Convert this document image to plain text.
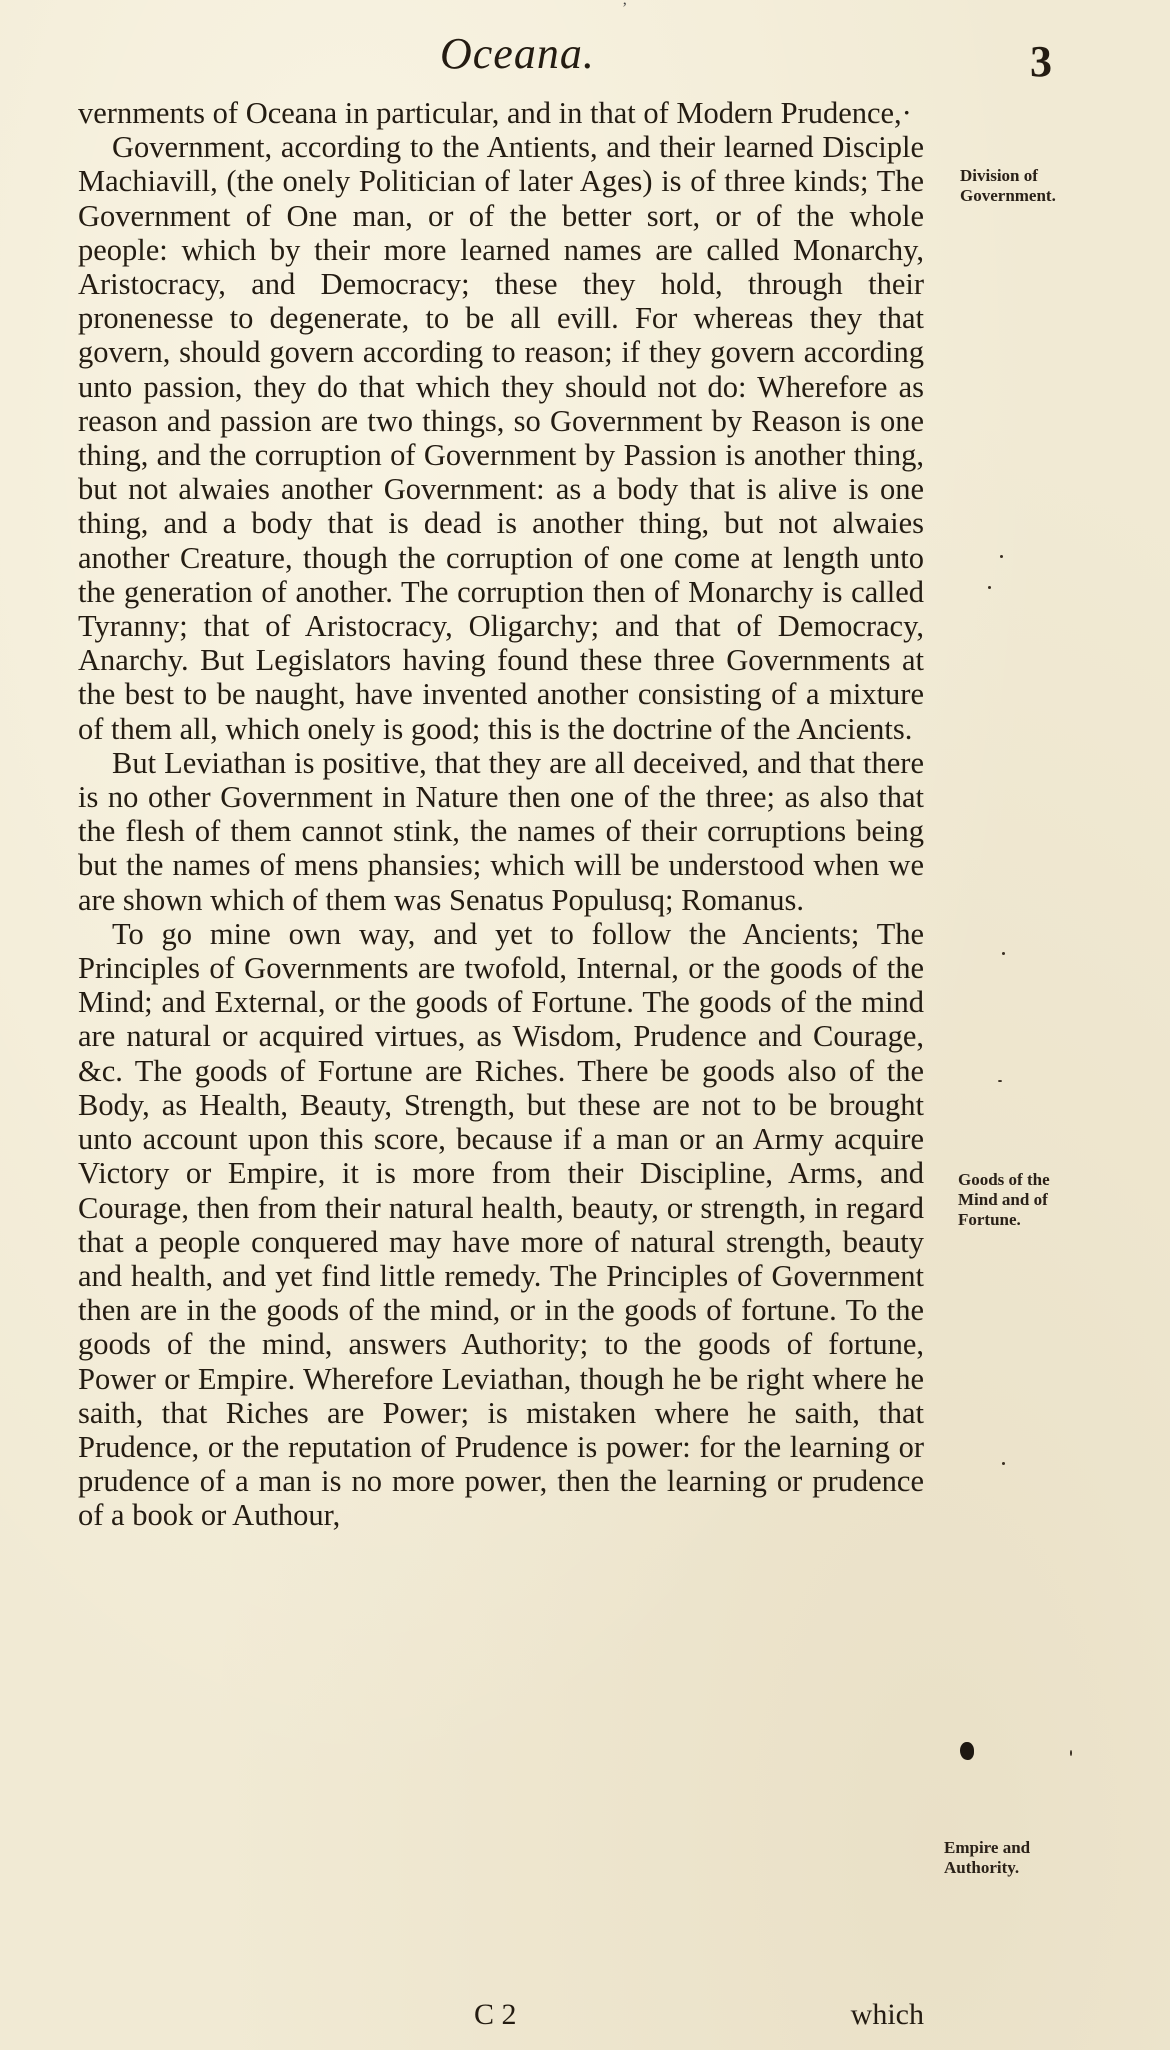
’
Oceana.	3

vernments of Oceana in particular, and in that of Modern Prudence,·

Government, according to the Antients, and their learned Disciple Machiavill, (the onely Politician of later Ages) is of three kinds; The Government of One man, or of the better sort, or of the whole people: which by their more learned names are called Monarchy, Aristocracy, and Democracy; these they hold, through their pronenesse to degenerate, to be all evill. For whereas they that govern, should govern according to reason; if they govern according unto passion, they do that which they should not do: Wherefore as reason and passion are two things, so Government by Reason is one thing, and the corruption of Government by Passion is another thing, but not alwaies another Government: as a body that is alive is one thing, and a body that is dead is another thing, but not alwaies another Creature, though the corruption of one come at length unto the generation of another. The corruption then of Monarchy is called Tyranny; that of Aristocracy, Oligarchy; and that of Democracy, Anarchy. But Legislators having found these three Governments at the best to be naught, have invented another consisting of a mixture of them all, which onely is good; this is the doctrine of the Ancients.

But Leviathan is positive, that they are all deceived, and that there is no other Government in Nature then one of the three; as also that the flesh of them cannot stink, the names of their corruptions being but the names of mens phansies; which will be understood when we are shown which of them was Senatus Populusq; Romanus.

To go mine own way, and yet to follow the Ancients; The Principles of Governments are twofold, Internal, or the goods of the Mind; and External, or the goods of Fortune. The goods of the mind are natural or acquired virtues, as Wisdom, Prudence and Courage, &c. The goods of Fortune are Riches. There be goods also of the Body, as Health, Beauty, Strength, but these are not to be brought unto account upon this score, because if a man or an Army acquire Victory or Empire, it is more from their Discipline, Arms, and Courage, then from their natural health, beauty, or strength, in regard that a people conquered may have more of natural strength, beauty and health, and yet find little remedy. The Principles of Government then are in the goods of the mind, or in the goods of fortune. To the goods of the mind, answers Authority; to the goods of fortune, Power or Empire. Wherefore Leviathan, though he be right where he saith, that Riches are Power; is mistaken where he saith, that Prudence, or the reputation of Prudence is power: for the learning or prudence of a man is no more power, then the learning or prudence of a book or Authour,

Division of
Government.
Goods of the
Mind and of
Fortune.
Empire and
Authority.
C 2	which
